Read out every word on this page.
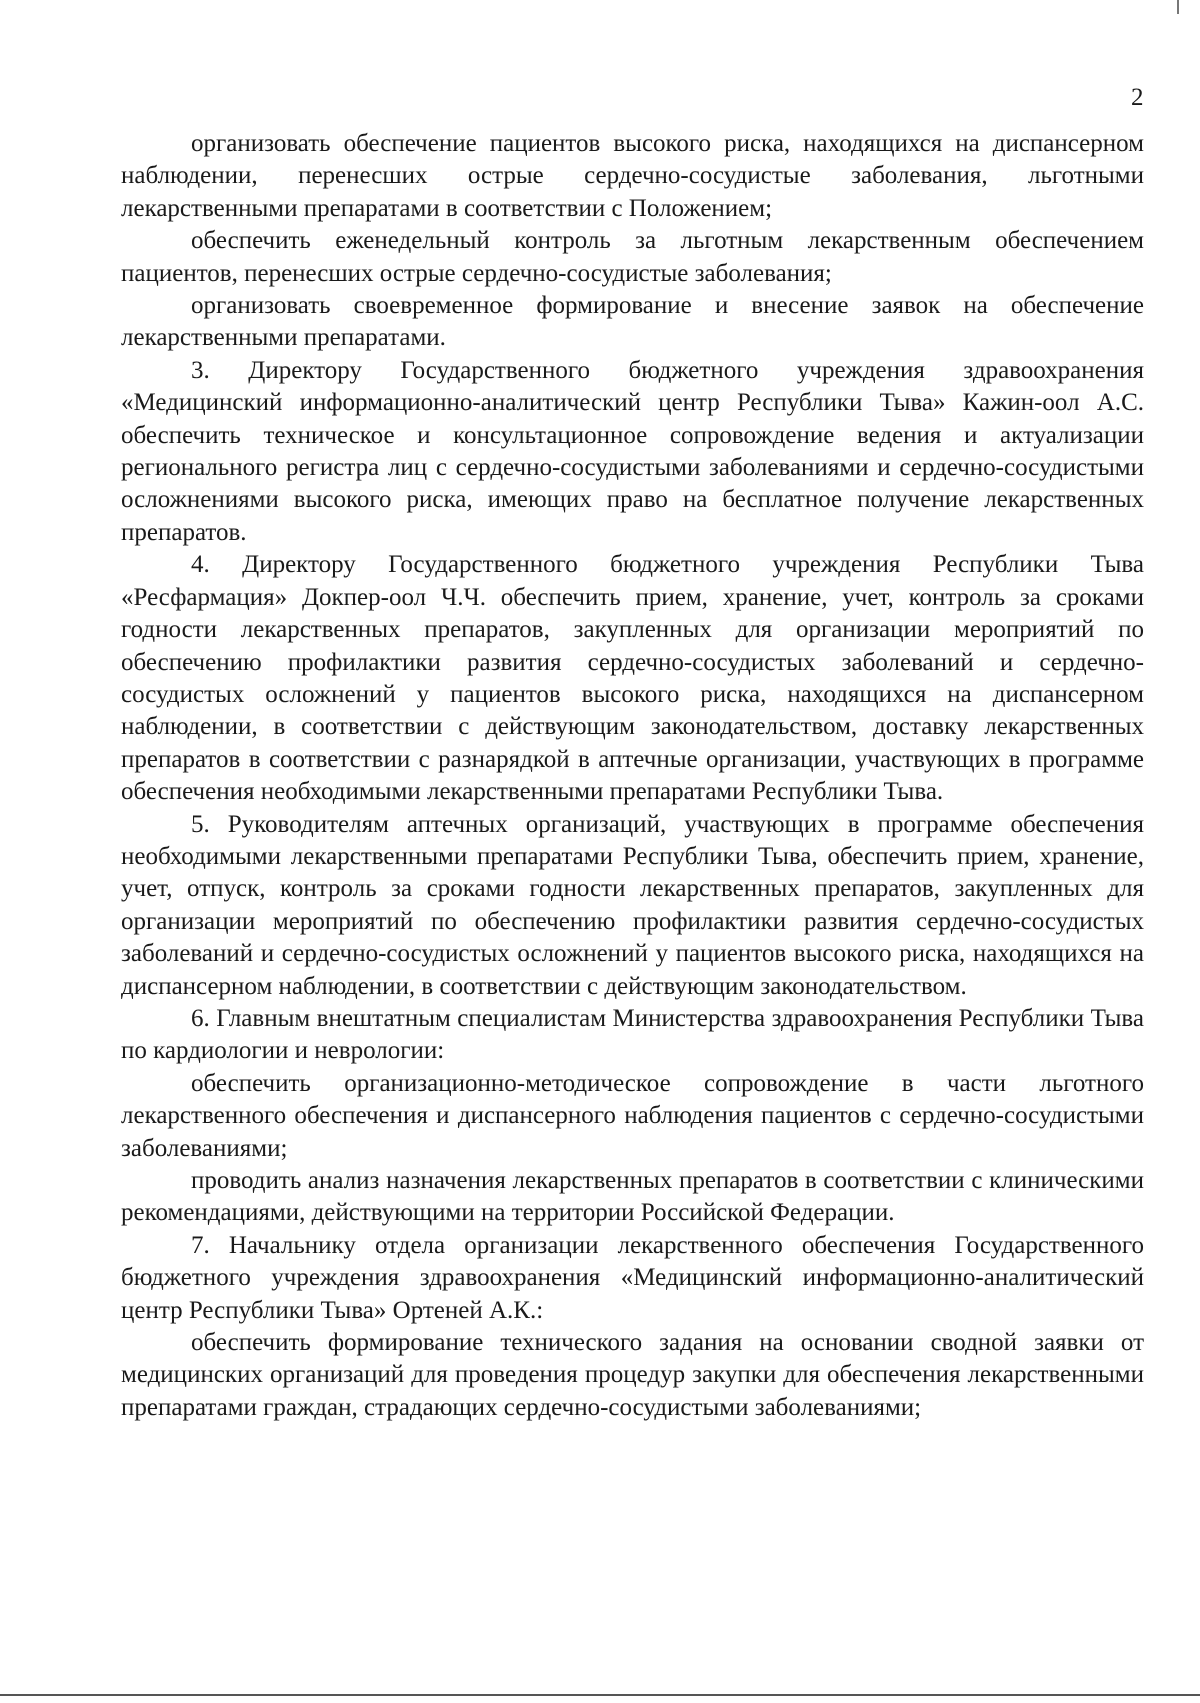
2

организовать обеспечение пациентов высокого риска, находящихся на диспансерном наблюдении, перенесших острые сердечно-сосудистые заболевания, льготными лекарственными препаратами в соответствии с Положением;

обеспечить еженедельный контроль за льготным лекарственным обеспечением пациентов, перенесших острые сердечно-сосудистые заболевания;

организовать своевременное формирование и внесение заявок на обеспечение лекарственными препаратами.

3. Директору Государственного бюджетного учреждения здравоохранения «Медицинский информационно-аналитический центр Республики Тыва» Кажин-оол А.С. обеспечить техническое и консультационное сопровождение ведения и актуализации регионального регистра лиц с сердечно-сосудистыми заболеваниями и сердечно-сосудистыми осложнениями высокого риска, имеющих право на бесплатное получение лекарственных препаратов.

4. Директору Государственного бюджетного учреждения Республики Тыва «Ресфармация» Докпер-оол Ч.Ч. обеспечить прием, хранение, учет, контроль за сроками годности лекарственных препаратов, закупленных для организации мероприятий по обеспечению профилактики развития сердечно-сосудистых заболеваний и сердечно-сосудистых осложнений у пациентов высокого риска, находящихся на диспансерном наблюдении, в соответствии с действующим законодательством, доставку лекарственных препаратов в соответствии с разнарядкой в аптечные организации, участвующих в программе обеспечения необходимыми лекарственными препаратами Республики Тыва.

5. Руководителям аптечных организаций, участвующих в программе обеспечения необходимыми лекарственными препаратами Республики Тыва, обеспечить прием, хранение, учет, отпуск, контроль за сроками годности лекарственных препаратов, закупленных для организации мероприятий по обеспечению профилактики развития сердечно-сосудистых заболеваний и сердечно-сосудистых осложнений у пациентов высокого риска, находящихся на диспансерном наблюдении, в соответствии с действующим законодательством.

6. Главным внештатным специалистам Министерства здравоохранения Республики Тыва по кардиологии и неврологии:

обеспечить организационно-методическое сопровождение в части льготного лекарственного обеспечения и диспансерного наблюдения пациентов с сердечно-сосудистыми заболеваниями;

проводить анализ назначения лекарственных препаратов в соответствии с клиническими рекомендациями, действующими на территории Российской Федерации.

7. Начальнику отдела организации лекарственного обеспечения Государственного бюджетного учреждения здравоохранения «Медицинский информационно-аналитический центр Республики Тыва» Ортеней А.К.:

обеспечить формирование технического задания на основании сводной заявки от медицинских организаций для проведения процедур закупки для обеспечения лекарственными препаратами граждан, страдающих сердечно-сосудистыми заболеваниями;
